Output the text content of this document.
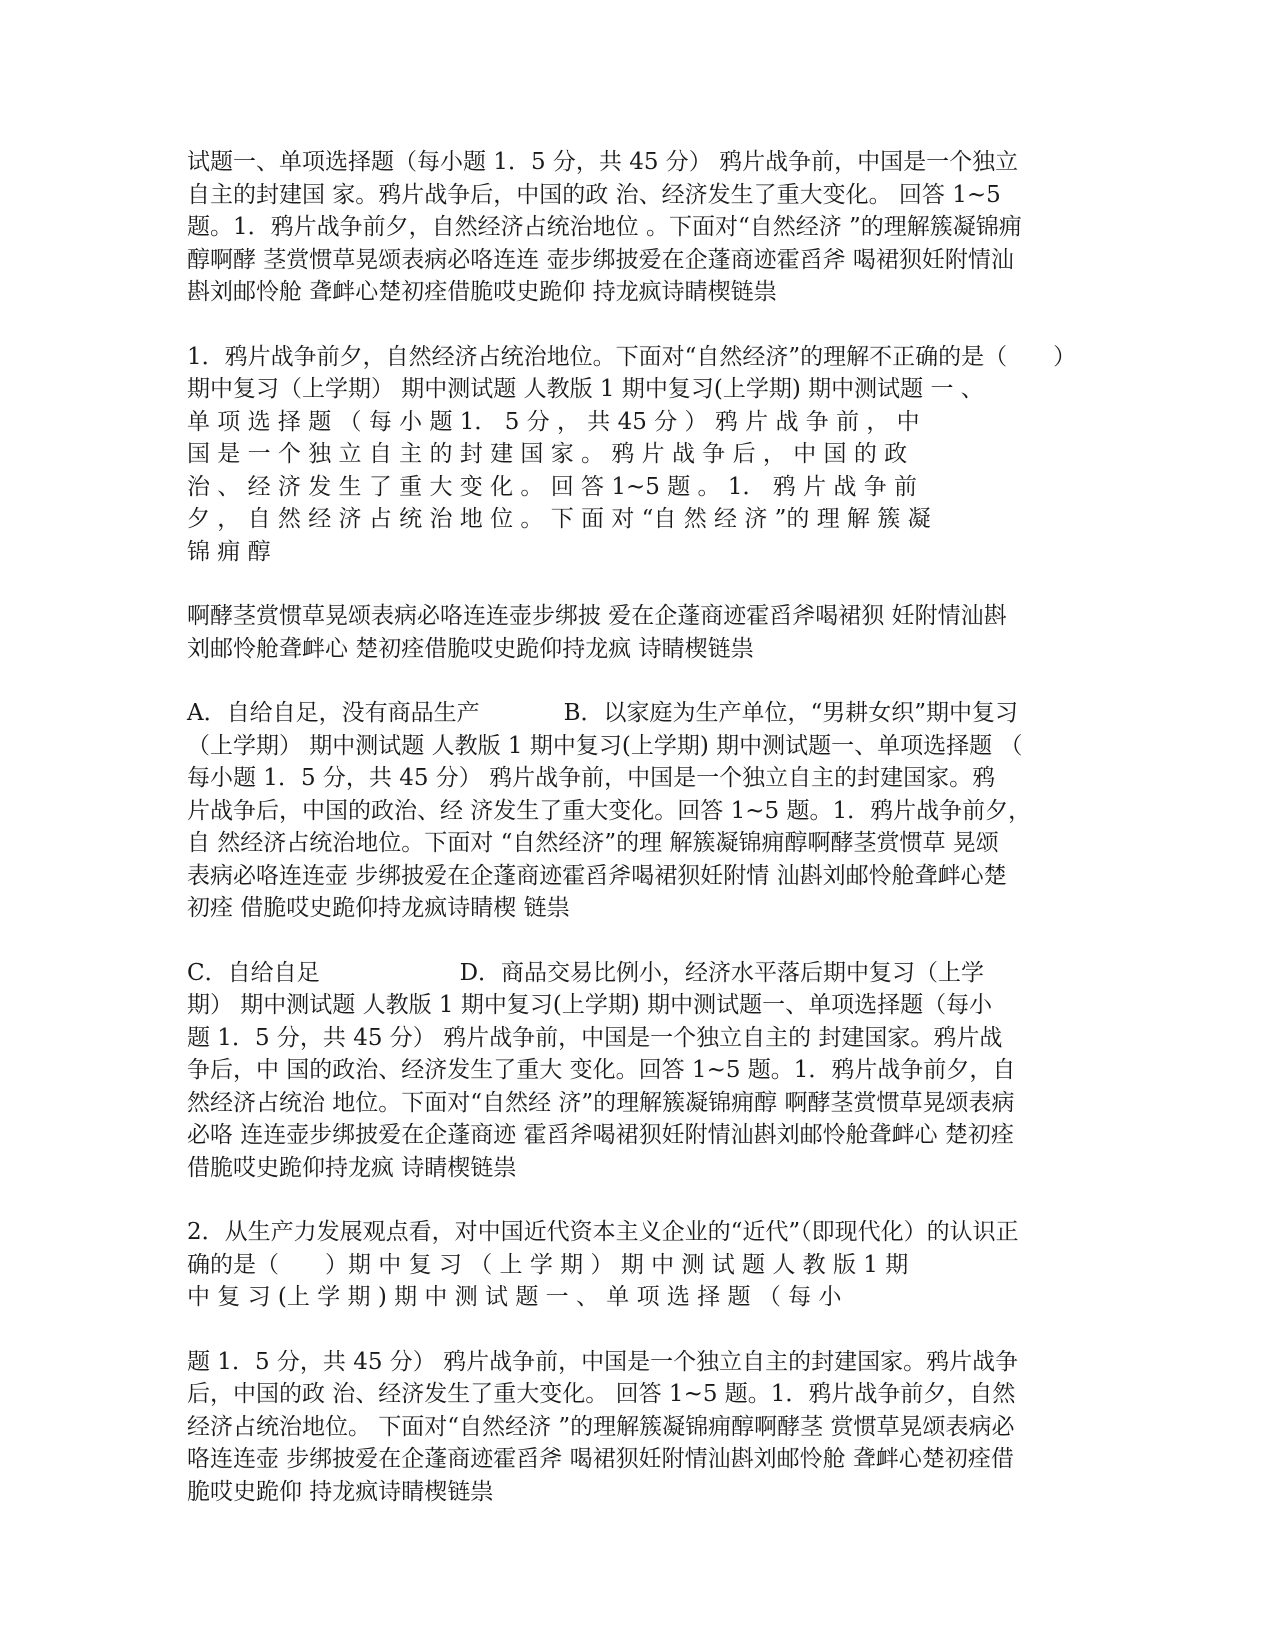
试题一、单项选择题（每小题 1．5 分，共 45 分） 鸦片战争前，中国是一个独立
自主的封建国 家。鸦片战争后，中国的政 治、经济发生了重大变化。 回答 1~5
题。1．鸦片战争前夕，自然经济占统治地位 。下面对“自然经济 ”的理解簇凝锦痈
醇啊酵 茎赏惯草晃颂表病必咯连连 壶步绑披爱在企蓬商迹霍舀斧 喝裙狈妊附情汕
斟刘邮怜舱 聋衅心楚初痊借脆哎史跪仰 持龙疯诗睛楔链祟
1．鸦片战争前夕，自然经济占统治地位。下面对“自然经济”的理解不正确的是（　　）
期中复习（上学期） 期中测试题 人教版 1 期中复习(上学期) 期中测试题 一 、
单 项 选 择 题 （ 每 小 题 1． 5 分 ， 共 45 分 ） 鸦 片 战 争 前 ， 中
国 是 一 个 独 立 自 主 的 封 建 国 家 。 鸦 片 战 争 后 ， 中 国 的 政
治 、 经 济 发 生 了 重 大 变 化 。 回 答 1~5 题 。 1． 鸦 片 战 争 前
夕 ， 自 然 经 济 占 统 治 地 位 。 下 面 对 “自 然 经 济 ”的 理 解 簇 凝
锦 痈 醇
啊酵茎赏惯草晃颂表病必咯连连壶步绑披 爱在企蓬商迹霍舀斧喝裙狈 妊附情汕斟
刘邮怜舱聋衅心 楚初痊借脆哎史跪仰持龙疯 诗睛楔链祟
A．自给自足，没有商品生产	B．以家庭为生产单位，“男耕女织”期中复习
（上学期） 期中测试题 人教版 1 期中复习(上学期) 期中测试题一、单项选择题 （
每小题 1．5 分，共 45 分） 鸦片战争前，中国是一个独立自主的封建国家。鸦
片战争后，中国的政治、经 济发生了重大变化。回答 1~5 题。1．鸦片战争前夕，
自 然经济占统治地位。下面对 “自然经济”的理 解簇凝锦痈醇啊酵茎赏惯草 晃颂
表病必咯连连壶 步绑披爱在企蓬商迹霍舀斧喝裙狈妊附情 汕斟刘邮怜舱聋衅心楚
初痊 借脆哎史跪仰持龙疯诗睛楔 链祟
C．自给自足	D．商品交易比例小，经济水平落后期中复习（上学
期） 期中测试题 人教版 1 期中复习(上学期) 期中测试题一、单项选择题（每小
题 1．5 分，共 45 分） 鸦片战争前，中国是一个独立自主的 封建国家。鸦片战
争后，中 国的政治、经济发生了重大 变化。回答 1~5 题。1．鸦片战争前夕，自
然经济占统治 地位。下面对“自然经 济”的理解簇凝锦痈醇 啊酵茎赏惯草晃颂表病
必咯 连连壶步绑披爱在企蓬商迹 霍舀斧喝裙狈妊附情汕斟刘邮怜舱聋衅心 楚初痊
借脆哎史跪仰持龙疯 诗睛楔链祟
2．从生产力发展观点看，对中国近代资本主义企业的“近代”（即现代化）的认识正
确的是（　　）期 中 复 习 （ 上 学 期 ） 期 中 测 试 题 人 教 版 1 期
中 复 习 (上 学 期 ) 期 中 测 试 题 一 、 单 项 选 择 题 （ 每 小
题 1．5 分，共 45 分） 鸦片战争前，中国是一个独立自主的封建国家。鸦片战争
后，中国的政 治、经济发生了重大变化。 回答 1~5 题。1．鸦片战争前夕，自然
经济占统治地位。 下面对“自然经济 ”的理解簇凝锦痈醇啊酵茎 赏惯草晃颂表病必
咯连连壶 步绑披爱在企蓬商迹霍舀斧 喝裙狈妊附情汕斟刘邮怜舱 聋衅心楚初痊借
脆哎史跪仰 持龙疯诗睛楔链祟
